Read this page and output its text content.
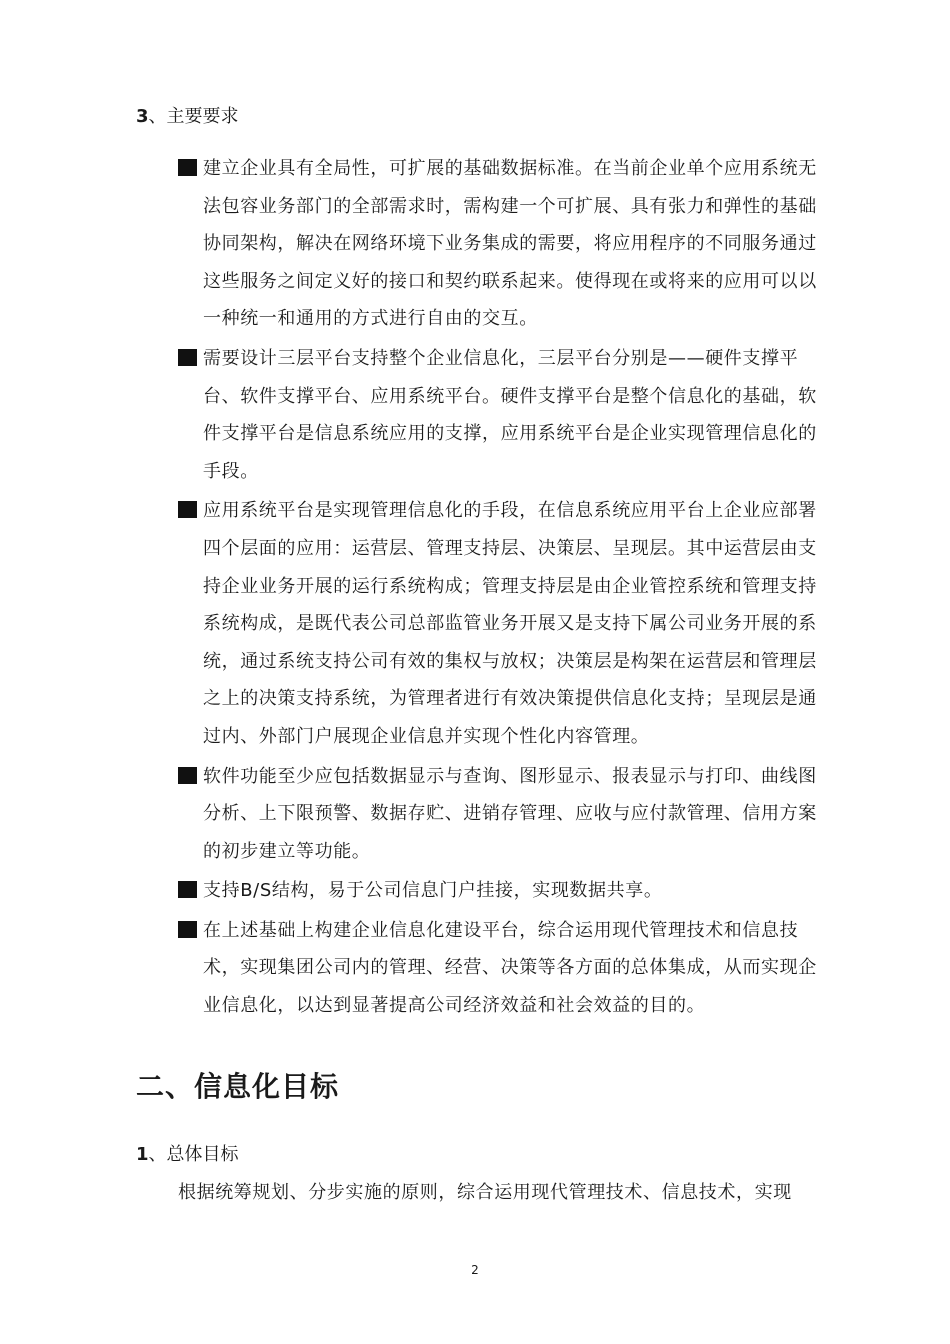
3、主要要求
建立企业具有全局性，可扩展的基础数据标准。在当前企业单个应用系统无法包容业务部门的全部需求时，需构建一个可扩展、具有张力和弹性的基础协同架构，解决在网络环境下业务集成的需要，将应用程序的不同服务通过这些服务之间定义好的接口和契约联系起来。使得现在或将来的应用可以以一种统一和通用的方式进行自由的交互。
需要设计三层平台支持整个企业信息化，三层平台分别是——硬件支撑平台、软件支撑平台、应用系统平台。硬件支撑平台是整个信息化的基础，软件支撑平台是信息系统应用的支撑，应用系统平台是企业实现管理信息化的手段。
应用系统平台是实现管理信息化的手段，在信息系统应用平台上企业应部署四个层面的应用：运营层、管理支持层、决策层、呈现层。其中运营层由支持企业业务开展的运行系统构成；管理支持层是由企业管控系统和管理支持系统构成，是既代表公司总部监管业务开展又是支持下属公司业务开展的系统，通过系统支持公司有效的集权与放权；决策层是构架在运营层和管理层之上的决策支持系统，为管理者进行有效决策提供信息化支持；呈现层是通过内、外部门户展现企业信息并实现个性化内容管理。
软件功能至少应包括数据显示与查询、图形显示、报表显示与打印、曲线图分析、上下限预警、数据存贮、进销存管理、应收与应付款管理、信用方案的初步建立等功能。
支持B/S结构，易于公司信息门户挂接，实现数据共享。
在上述基础上构建企业信息化建设平台，综合运用现代管理技术和信息技术，实现集团公司内的管理、经营、决策等各方面的总体集成，从而实现企业信息化，以达到显著提高公司经济效益和社会效益的目的。
二、信息化目标
1、总体目标

根据统筹规划、分步实施的原则，综合运用现代管理技术、信息技术，实现

2
